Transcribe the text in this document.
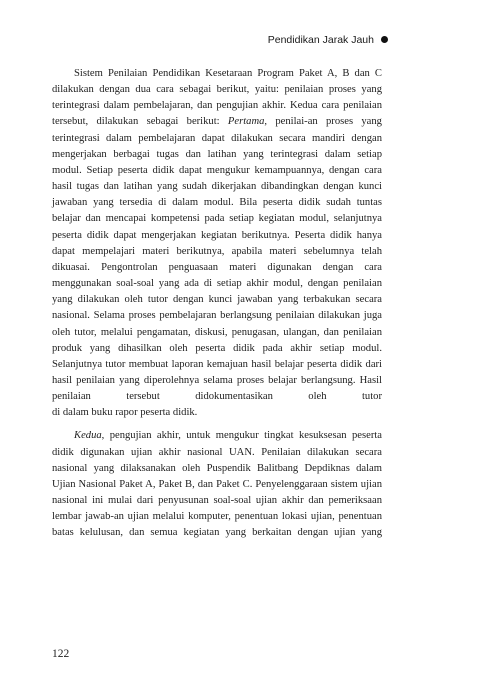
Pendidikan Jarak Jauh

Sistem Penilaian Pendidikan Kesetaraan Program Paket A, B dan C dilakukan dengan dua cara sebagai berikut, yaitu: penilaian proses yang terintegrasi dalam pembelajaran, dan pengujian akhir. Kedua cara penilaian tersebut, dilakukan sebagai berikut: Pertama, penilai-an proses yang terintegrasi dalam pembelajaran dapat dilakukan secara mandiri dengan mengerjakan berbagai tugas dan latihan yang terintegrasi dalam setiap modul. Setiap peserta didik dapat mengukur kemampuannya, dengan cara hasil tugas dan latihan yang sudah dikerjakan dibandingkan dengan kunci jawaban yang tersedia di dalam modul. Bila peserta didik sudah tuntas belajar dan mencapai kompetensi pada setiap kegiatan modul, selanjutnya peserta didik dapat mengerjakan kegiatan berikutnya. Peserta didik hanya dapat mempelajari materi berikutnya, apabila materi sebelumnya telah dikuasai. Pengontrolan penguasaan materi digunakan dengan cara menggunakan soal-soal yang ada di setiap akhir modul, dengan penilaian yang dilakukan oleh tutor dengan kunci jawaban yang terbakukan secara nasional. Selama proses pembelajaran berlangsung penilaian dilakukan juga oleh tutor, melalui pengamatan, diskusi, penugasan, ulangan, dan penilaian produk yang dihasilkan oleh peserta didik pada akhir setiap modul. Selanjutnya tutor membuat laporan kemajuan hasil belajar peserta didik dari hasil penilaian yang diperolehnya selama proses belajar berlangsung. Hasil penilaian tersebut didokumentasikan oleh tutor

di dalam buku rapor peserta didik.

Kedua, pengujian akhir, untuk mengukur tingkat kesuksesan peserta didik digunakan ujian akhir nasional UAN. Penilaian dilakukan secara nasional yang dilaksanakan oleh Puspendik Balitbang Depdiknas dalam Ujian Nasional Paket A, Paket B, dan Paket C. Penyelenggaraan sistem ujian nasional ini mulai dari penyusunan soal-soal ujian akhir dan pemeriksaan lembar jawab-an ujian melalui komputer, penentuan lokasi ujian, penentuan batas kelulusan, dan semua kegiatan yang berkaitan dengan ujian yang

122
